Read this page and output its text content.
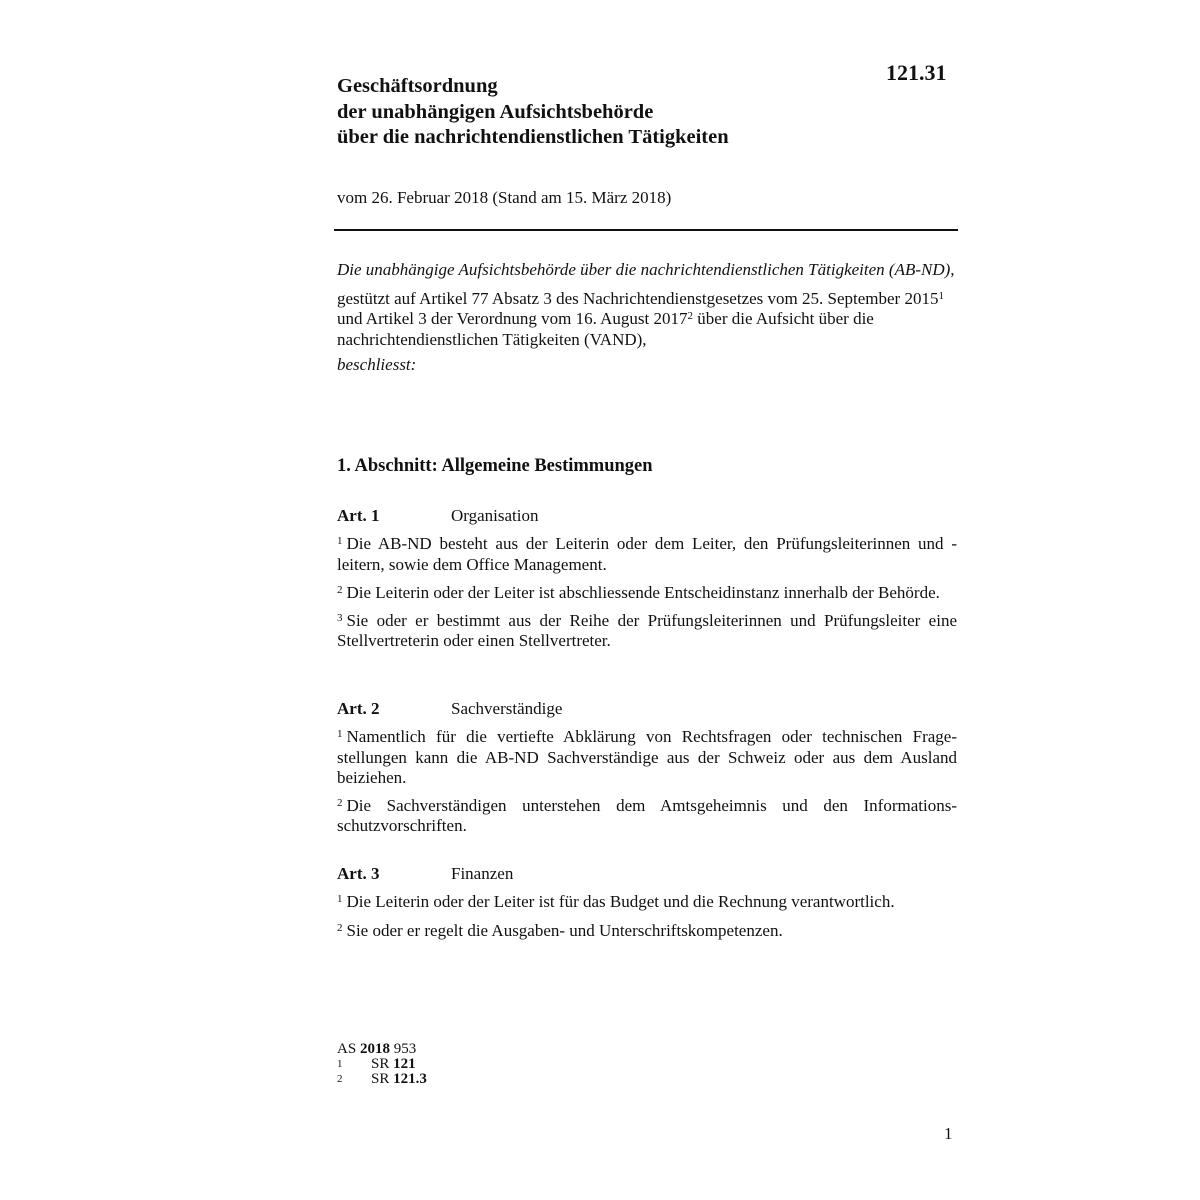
121.31
Geschäftsordnung
der unabhängigen Aufsichtsbehörde
über die nachrichtendienstlichen Tätigkeiten
vom 26. Februar 2018 (Stand am 15. März 2018)
Die unabhängige Aufsichtsbehörde über die nachrichtendienstlichen Tätigkeiten (AB-ND),
gestützt auf Artikel 77 Absatz 3 des Nachrichtendienstgesetzes vom 25. September 2015$^1$
und Artikel 3 der Verordnung vom 16. August 2017$^2$ über die Aufsicht über die nachrichtendienstlichen Tätigkeiten (VAND),
beschliesst:
1. Abschnitt: Allgemeine Bestimmungen
Art. 1	Organisation
$^1$ Die AB-ND besteht aus der Leiterin oder dem Leiter, den Prüfungsleiterinnen und -leitern, sowie dem Office Management.
$^2$ Die Leiterin oder der Leiter ist abschliessende Entscheidinstanz innerhalb der Behörde.
$^3$ Sie oder er bestimmt aus der Reihe der Prüfungsleiterinnen und Prüfungsleiter eine Stellvertreterin oder einen Stellvertreter.
Art. 2	Sachverständige
$^1$ Namentlich für die vertiefte Abklärung von Rechtsfragen oder technischen Fragestellungen kann die AB-ND Sachverständige aus der Schweiz oder aus dem Ausland beiziehen.
$^2$ Die Sachverständigen unterstehen dem Amtsgeheimnis und den Informationsschutzvorschriften.
Art. 3	Finanzen
$^1$ Die Leiterin oder der Leiter ist für das Budget und die Rechnung verantwortlich.
$^2$ Sie oder er regelt die Ausgaben- und Unterschriftskompetenzen.
AS 2018 953
1	SR 121
2	SR 121.3
1
